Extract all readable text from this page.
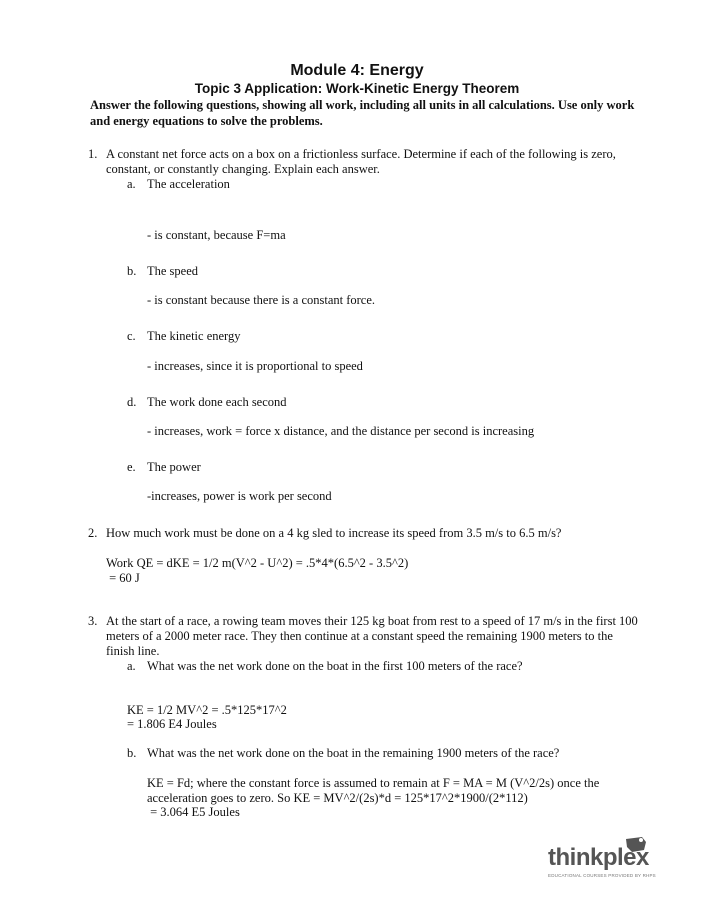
Module 4: Energy
Topic 3 Application: Work-Kinetic Energy Theorem
Answer the following questions, showing all work, including all units in all calculations. Use only work
and energy equations to solve the problems.
1. A constant net force acts on a box on a frictionless surface. Determine if each of the following is zero,
constant, or constantly changing. Explain each answer.
a. The acceleration
- is constant, because F=ma
b. The speed
- is constant because there is a constant force.
c. The kinetic energy
- increases, since it is proportional to speed
d. The work done each second
- increases, work = force x distance, and the distance per second is increasing
e. The power
-increases, power is work per second
2. How much work must be done on a 4 kg sled to increase its speed from 3.5 m/s to 6.5 m/s?
Work QE = dKE = 1/2 m(V^2 - U^2) = .5*4*(6.5^2 - 3.5^2)
= 60 J
3. At the start of a race, a rowing team moves their 125 kg boat from rest to a speed of 17 m/s in the first 100
meters of a 2000 meter race. They then continue at a constant speed the remaining 1900 meters to the
finish line.
a. What was the net work done on the boat in the first 100 meters of the race?
KE = 1/2 MV^2 = .5*125*17^2
= 1.806 E4 Joules
b. What was the net work done on the boat in the remaining 1900 meters of the race?
KE = Fd; where the constant force is assumed to remain at F = MA = M (V^2/2s) once the
acceleration goes to zero. So KE = MV^2/(2s)*d = 125*17^2*1900/(2*112)
= 3.064 E5 Joules
thinkplex
EDUCATIONAL COURSES PROVIDED BY RHPS
